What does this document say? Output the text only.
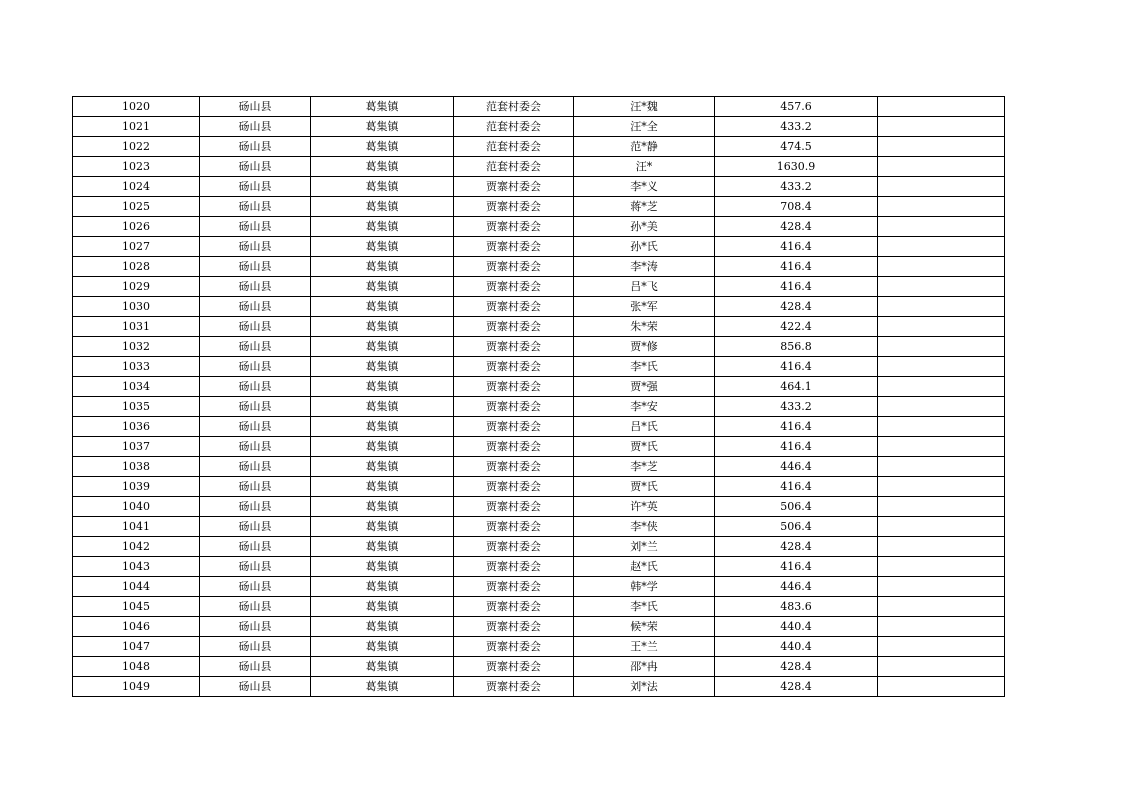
1020	砀山县	葛集镇	范套村委会	汪*魏	457.6	
1021	砀山县	葛集镇	范套村委会	汪*全	433.2	
1022	砀山县	葛集镇	范套村委会	范*静	474.5	
1023	砀山县	葛集镇	范套村委会	汪*	1630.9	
1024	砀山县	葛集镇	贾寨村委会	李*义	433.2	
1025	砀山县	葛集镇	贾寨村委会	蒋*芝	708.4	
1026	砀山县	葛集镇	贾寨村委会	孙*美	428.4	
1027	砀山县	葛集镇	贾寨村委会	孙*氏	416.4	
1028	砀山县	葛集镇	贾寨村委会	李*涛	416.4	
1029	砀山县	葛集镇	贾寨村委会	吕*飞	416.4	
1030	砀山县	葛集镇	贾寨村委会	张*军	428.4	
1031	砀山县	葛集镇	贾寨村委会	朱*荣	422.4	
1032	砀山县	葛集镇	贾寨村委会	贾*修	856.8	
1033	砀山县	葛集镇	贾寨村委会	李*氏	416.4	
1034	砀山县	葛集镇	贾寨村委会	贾*强	464.1	
1035	砀山县	葛集镇	贾寨村委会	李*安	433.2	
1036	砀山县	葛集镇	贾寨村委会	吕*氏	416.4	
1037	砀山县	葛集镇	贾寨村委会	贾*氏	416.4	
1038	砀山县	葛集镇	贾寨村委会	李*芝	446.4	
1039	砀山县	葛集镇	贾寨村委会	贾*氏	416.4	
1040	砀山县	葛集镇	贾寨村委会	许*英	506.4	
1041	砀山县	葛集镇	贾寨村委会	李*侠	506.4	
1042	砀山县	葛集镇	贾寨村委会	刘*兰	428.4	
1043	砀山县	葛集镇	贾寨村委会	赵*氏	416.4	
1044	砀山县	葛集镇	贾寨村委会	韩*学	446.4	
1045	砀山县	葛集镇	贾寨村委会	李*氏	483.6	
1046	砀山县	葛集镇	贾寨村委会	候*荣	440.4	
1047	砀山县	葛集镇	贾寨村委会	王*兰	440.4	
1048	砀山县	葛集镇	贾寨村委会	邵*冉	428.4	
1049	砀山县	葛集镇	贾寨村委会	刘*法	428.4	
